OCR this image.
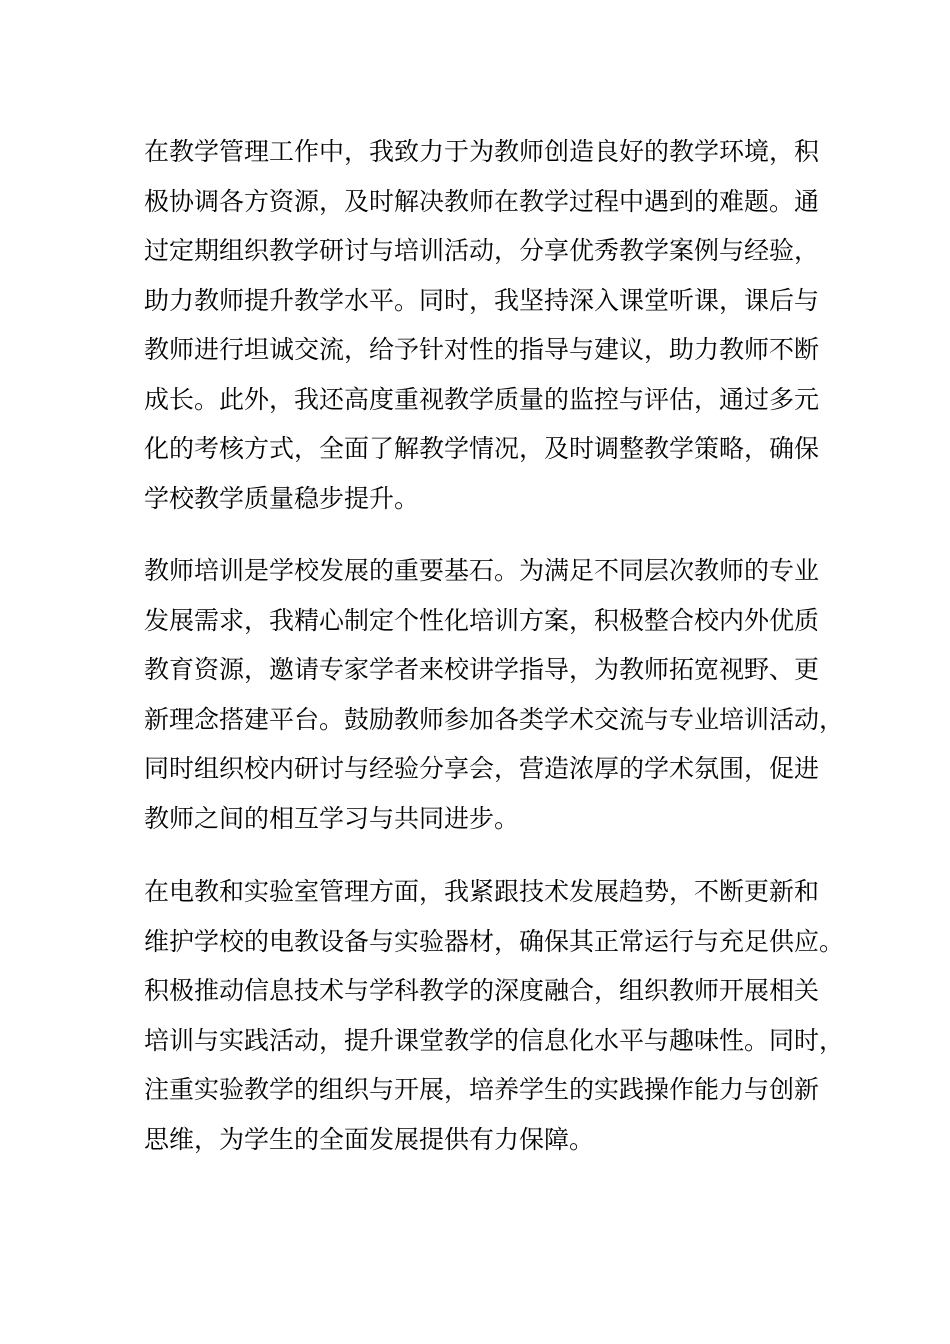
在教学管理工作中，我致力于为教师创造良好的教学环境，积
极协调各方资源，及时解决教师在教学过程中遇到的难题。通
过定期组织教学研讨与培训活动，分享优秀教学案例与经验，
助力教师提升教学水平。同时，我坚持深入课堂听课，课后与
教师进行坦诚交流，给予针对性的指导与建议，助力教师不断
成长。此外，我还高度重视教学质量的监控与评估，通过多元
化的考核方式，全面了解教学情况，及时调整教学策略，确保
学校教学质量稳步提升。

教师培训是学校发展的重要基石。为满足不同层次教师的专业
发展需求，我精心制定个性化培训方案，积极整合校内外优质
教育资源，邀请专家学者来校讲学指导，为教师拓宽视野、更
新理念搭建平台。鼓励教师参加各类学术交流与专业培训活动，
同时组织校内研讨与经验分享会，营造浓厚的学术氛围，促进
教师之间的相互学习与共同进步。

在电教和实验室管理方面，我紧跟技术发展趋势，不断更新和
维护学校的电教设备与实验器材，确保其正常运行与充足供应。
积极推动信息技术与学科教学的深度融合，组织教师开展相关
培训与实践活动，提升课堂教学的信息化水平与趣味性。同时，
注重实验教学的组织与开展，培养学生的实践操作能力与创新
思维，为学生的全面发展提供有力保障。
